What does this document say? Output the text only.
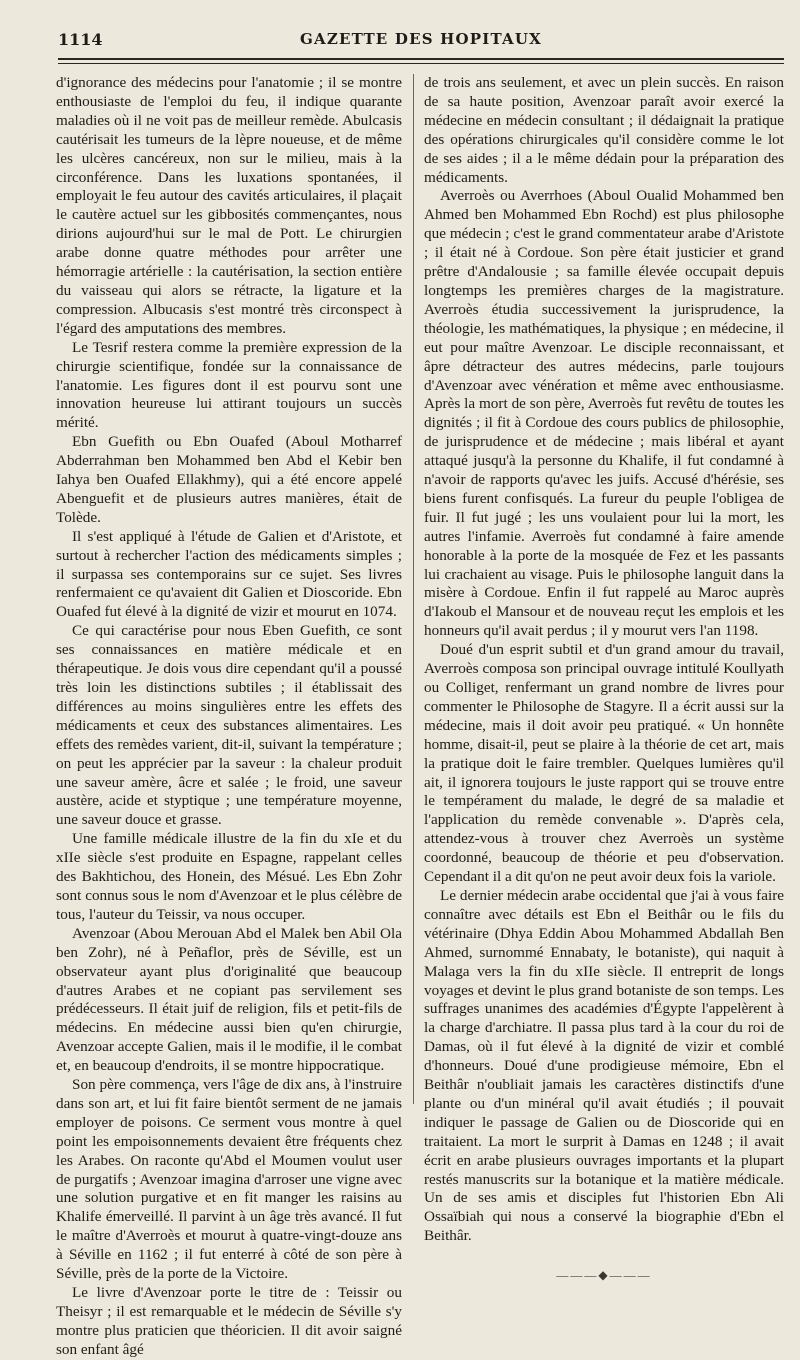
1114	GAZETTE DES HOPITAUX

d'ignorance des médecins pour l'anatomie ; il se montre enthousiaste de l'emploi du feu, il indique quarante maladies où il ne voit pas de meilleur remède. Abulcasis cautérisait les tumeurs de la lèpre noueuse, et de même les ulcères cancéreux, non sur le milieu, mais à la circonférence. Dans les luxations spontanées, il employait le feu autour des cavités articulaires, il plaçait le cautère actuel sur les gibbosités commençantes, nous dirions aujourd'hui sur le mal de Pott. Le chirurgien arabe donne quatre méthodes pour arrêter une hémorragie artérielle : la cautérisation, la section entière du vaisseau qui alors se rétracte, la ligature et la compression. Albucasis s'est montré très circonspect à l'égard des amputations des membres.

Le Tesrif restera comme la première expression de la chirurgie scientifique, fondée sur la connaissance de l'anatomie. Les figures dont il est pourvu sont une innovation heureuse lui attirant toujours un succès mérité.

Ebn Guefith ou Ebn Ouafed (Aboul Motharref Abderrahman ben Mohammed ben Abd el Kebir ben Iahya ben Ouafed Ellakhmy), qui a été encore appelé Abenguefit et de plusieurs autres manières, était de Tolède.

Il s'est appliqué à l'étude de Galien et d'Aristote, et surtout à rechercher l'action des médicaments simples ; il surpassa ses contemporains sur ce sujet. Ses livres renfermaient ce qu'avaient dit Galien et Dioscoride. Ebn Ouafed fut élevé à la dignité de vizir et mourut en 1074.

Ce qui caractérise pour nous Eben Guefith, ce sont ses connaissances en matière médicale et en thérapeutique. Je dois vous dire cependant qu'il a poussé très loin les distinctions subtiles ; il établissait des différences au moins singulières entre les effets des médicaments et ceux des substances alimentaires. Les effets des remèdes varient, dit-il, suivant la température ; on peut les apprécier par la saveur : la chaleur produit une saveur amère, âcre et salée ; le froid, une saveur austère, acide et styptique ; une température moyenne, une saveur douce et grasse.

Une famille médicale illustre de la fin du xIe et du xIIe siècle s'est produite en Espagne, rappelant celles des Bakhtichou, des Honein, des Mésué. Les Ebn Zohr sont connus sous le nom d'Avenzoar et le plus célèbre de tous, l'auteur du Teissir, va nous occuper.

Avenzoar (Abou Merouan Abd el Malek ben Abil Ola ben Zohr), né à Peñaflor, près de Séville, est un observateur ayant plus d'originalité que beaucoup d'autres Arabes et ne copiant pas servilement ses prédécesseurs. Il était juif de religion, fils et petit-fils de médecins. En médecine aussi bien qu'en chirurgie, Avenzoar accepte Galien, mais il le modifie, il le combat et, en beaucoup d'endroits, il se montre hippocratique.

Son père commença, vers l'âge de dix ans, à l'instruire dans son art, et lui fit faire bientôt serment de ne jamais employer de poisons. Ce serment vous montre à quel point les empoisonnements devaient être fréquents chez les Arabes. On raconte qu'Abd el Moumen voulut user de purgatifs ; Avenzoar imagina d'arroser une vigne avec une solution purgative et en fit manger les raisins au Khalife émerveillé. Il parvint à un âge très avancé. Il fut le maître d'Averroès et mourut à quatre-vingt-douze ans à Séville en 1162 ; il fut enterré à côté de son père à Séville, près de la porte de la Victoire.

Le livre d'Avenzoar porte le titre de : Teissir ou Theisyr ; il est remarquable et le médecin de Séville s'y montre plus praticien que théoricien. Il dit avoir saigné son enfant âgé

de trois ans seulement, et avec un plein succès. En raison de sa haute position, Avenzoar paraît avoir exercé la médecine en médecin consultant ; il dédaignait la pratique des opérations chirurgicales qu'il considère comme le lot de ses aides ; il a le même dédain pour la préparation des médicaments.

Averroès ou Averrhoes (Aboul Oualid Mohammed ben Ahmed ben Mohammed Ebn Rochd) est plus philosophe que médecin ; c'est le grand commentateur arabe d'Aristote ; il était né à Cordoue. Son père était justicier et grand prêtre d'Andalousie ; sa famille élevée occupait depuis longtemps les premières charges de la magistrature. Averroès étudia successivement la jurisprudence, la théologie, les mathématiques, la physique ; en médecine, il eut pour maître Avenzoar. Le disciple reconnaissant, et âpre détracteur des autres médecins, parle toujours d'Avenzoar avec vénération et même avec enthousiasme. Après la mort de son père, Averroès fut revêtu de toutes les dignités ; il fit à Cordoue des cours publics de philosophie, de jurisprudence et de médecine ; mais libéral et ayant attaqué jusqu'à la personne du Khalife, il fut condamné à n'avoir de rapports qu'avec les juifs. Accusé d'hérésie, ses biens furent confisqués. La fureur du peuple l'obligea de fuir. Il fut jugé ; les uns voulaient pour lui la mort, les autres l'infamie. Averroès fut condamné à faire amende honorable à la porte de la mosquée de Fez et les passants lui crachaient au visage. Puis le philosophe languit dans la misère à Cordoue. Enfin il fut rappelé au Maroc auprès d'Iakoub el Mansour et de nouveau reçut les emplois et les honneurs qu'il avait perdus ; il y mourut vers l'an 1198.

Doué d'un esprit subtil et d'un grand amour du travail, Averroès composa son principal ouvrage intitulé Koullyath ou Colliget, renfermant un grand nombre de livres pour commenter le Philosophe de Stagyre. Il a écrit aussi sur la médecine, mais il doit avoir peu pratiqué. « Un honnête homme, disait-il, peut se plaire à la théorie de cet art, mais la pratique doit le faire trembler. Quelques lumières qu'il ait, il ignorera toujours le juste rapport qui se trouve entre le tempérament du malade, le degré de sa maladie et l'application du remède convenable ». D'après cela, attendez-vous à trouver chez Averroès un système coordonné, beaucoup de théorie et peu d'observation. Cependant il a dit qu'on ne peut avoir deux fois la variole.

Le dernier médecin arabe occidental que j'ai à vous faire connaître avec détails est Ebn el Beithâr ou le fils du vétérinaire (Dhya Eddin Abou Mohammed Abdallah Ben Ahmed, surnommé Ennabaty, le botaniste), qui naquit à Malaga vers la fin du xIIe siècle. Il entreprit de longs voyages et devint le plus grand botaniste de son temps. Les suffrages unanimes des académies d'Égypte l'appelèrent à la charge d'archiatre. Il passa plus tard à la cour du roi de Damas, où il fut élevé à la dignité de vizir et comblé d'honneurs. Doué d'une prodigieuse mémoire, Ebn el Beithâr n'oubliait jamais les caractères distinctifs d'une plante ou d'un minéral qu'il avait étudiés ; il pouvait indiquer le passage de Galien ou de Dioscoride qui en traitaient. La mort le surprit à Damas en 1248 ; il avait écrit en arabe plusieurs ouvrages importants et la plupart restés manuscrits sur la botanique et la matière médicale. Un de ses amis et disciples fut l'historien Ebn Ali Ossaïbiah qui nous a conservé la biographie d'Ebn el Beithâr.

———◆———
